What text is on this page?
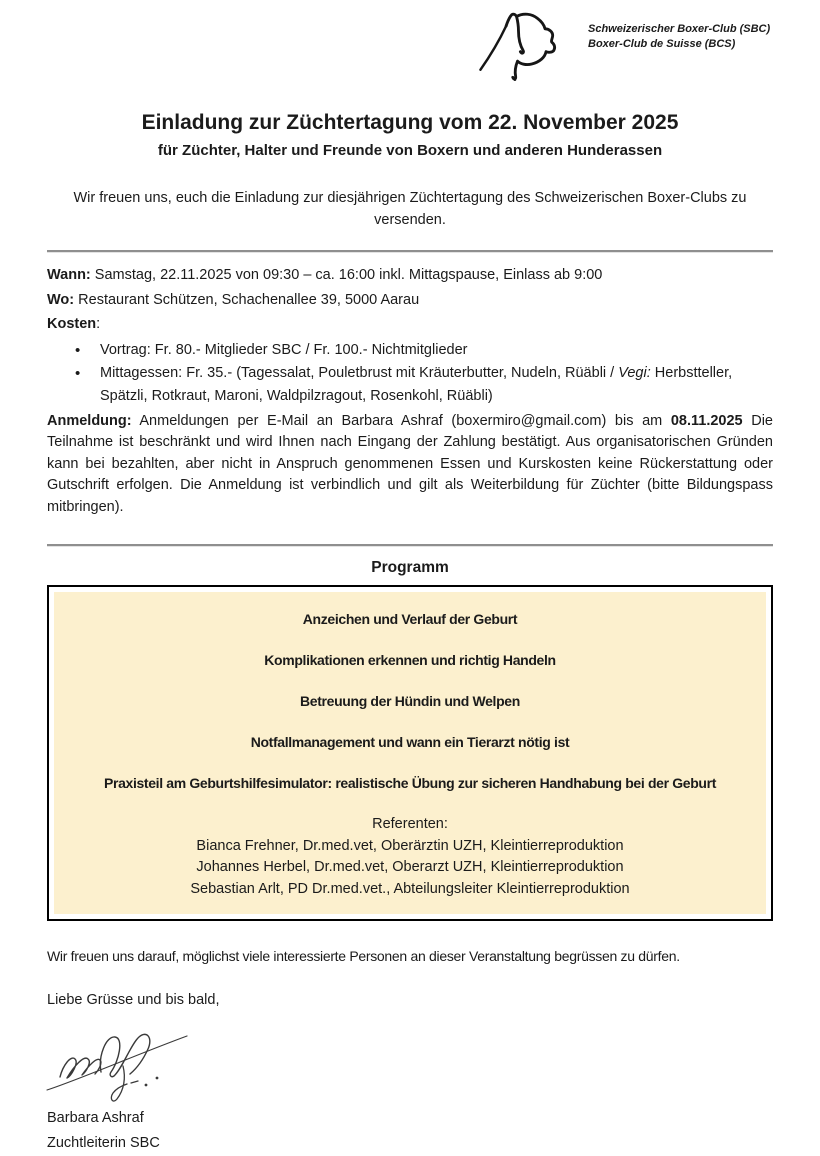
Schweizerischer Boxer-Club (SBC)
Boxer-Club de Suisse (BCS)
Einladung zur Züchtertagung vom 22. November 2025
für Züchter, Halter und Freunde von Boxern und anderen Hunderassen

Wir freuen uns, euch die Einladung zur diesjährigen Züchtertagung des Schweizerischen Boxer-Clubs zu versenden.

Wann: Samstag, 22.11.2025 von 09:30 – ca. 16:00 inkl. Mittagspause, Einlass ab 9:00

Wo: Restaurant Schützen, Schachenallee 39, 5000 Aarau

Kosten:

• Vortrag: Fr. 80.- Mitglieder SBC / Fr. 100.- Nichtmitglieder
• Mittagessen: Fr. 35.- (Tagessalat, Pouletbrust mit Kräuterbutter, Nudeln, Rüäbli / Vegi: Herbstteller, Spätzli, Rotkraut, Maroni, Waldpilzragout, Rosenkohl, Rüäbli)

Anmeldung: Anmeldungen per E-Mail an Barbara Ashraf (boxermiro@gmail.com) bis am 08.11.2025 Die Teilnahme ist beschränkt und wird Ihnen nach Eingang der Zahlung bestätigt. Aus organisatorischen Gründen kann bei bezahlten, aber nicht in Anspruch genommenen Essen und Kurskosten keine Rückerstattung oder Gutschrift erfolgen. Die Anmeldung ist verbindlich und gilt als Weiterbildung für Züchter (bitte Bildungspass mitbringen).

Programm

Anzeichen und Verlauf der Geburt

Komplikationen erkennen und richtig Handeln

Betreuung der Hündin und Welpen

Notfallmanagement und wann ein Tierarzt nötig ist

Praxisteil am Geburtshilfesimulator: realistische Übung zur sicheren Handhabung bei der Geburt

Referenten:

Bianca Frehner, Dr.med.vet, Oberärztin UZH, Kleintierreproduktion

Johannes Herbel, Dr.med.vet, Oberarzt UZH, Kleintierreproduktion

Sebastian Arlt, PD Dr.med.vet., Abteilungsleiter Kleintierreproduktion

Wir freuen uns darauf, möglichst viele interessierte Personen an dieser Veranstaltung begrüssen zu dürfen.

Liebe Grüsse und bis bald,

Barbara Ashraf

Zuchtleiterin SBC
